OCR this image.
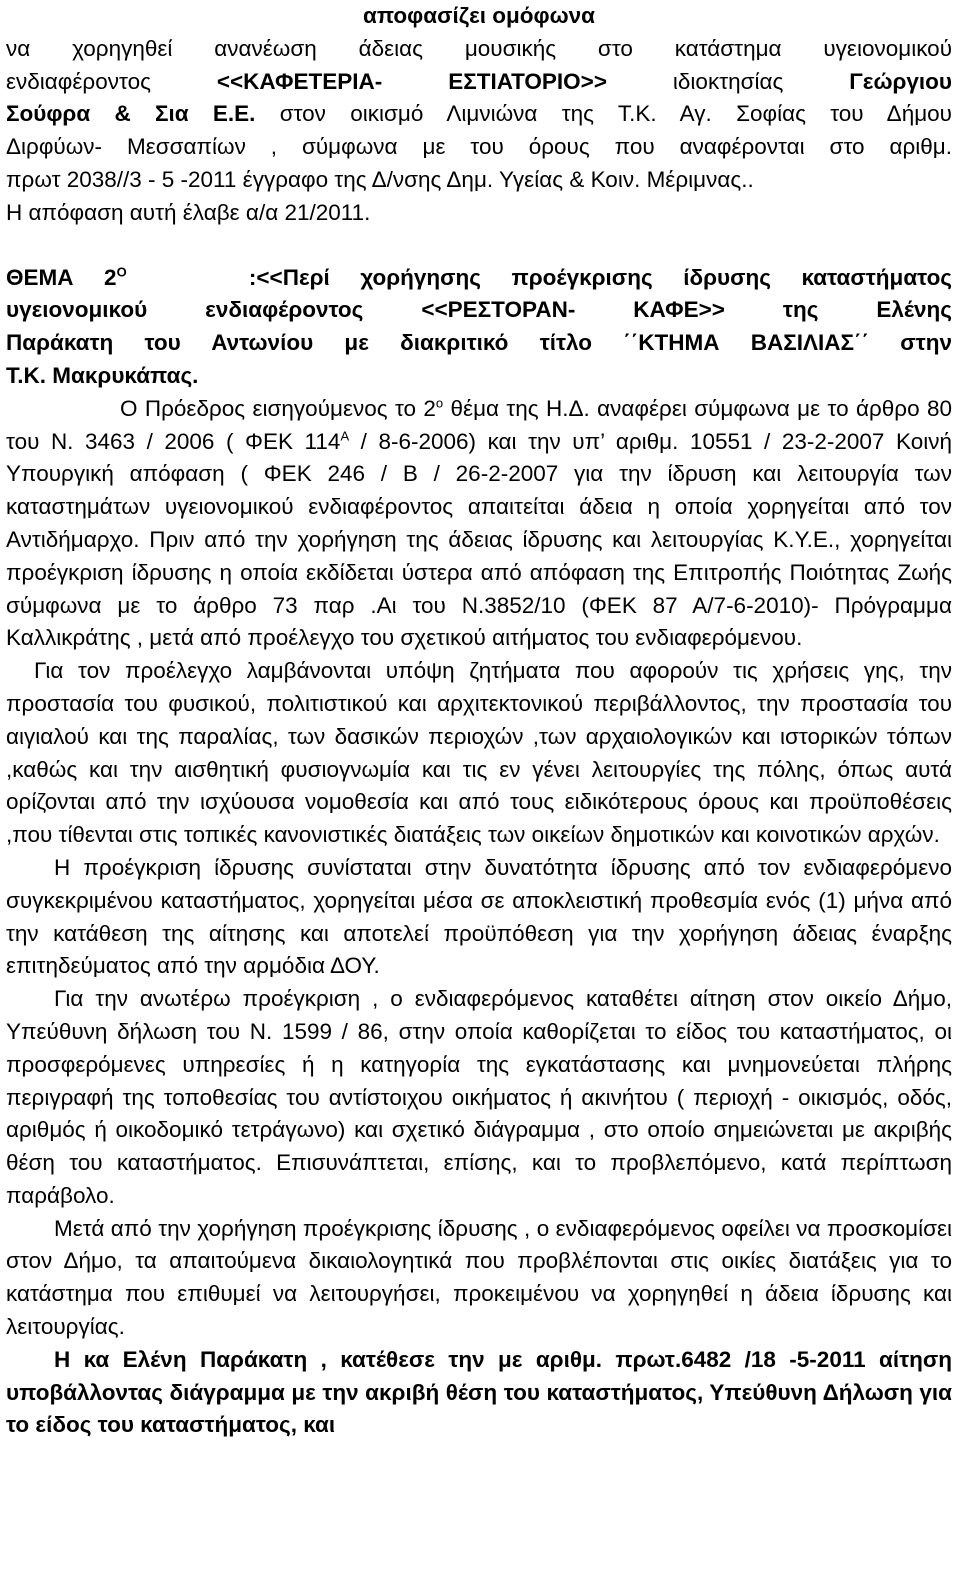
αποφασίζει ομόφωνα
να χορηγηθεί ανανέωση άδειας μουσικής στο κατάστημα υγειονομικού
ενδιαφέροντος <<ΚΑΦΕΤΕΡΙΑ- ΕΣΤΙΑΤΟΡΙΟ>> ιδιοκτησίας Γεώργιου
Σούφρα & Σια Ε.Ε. στον οικισμό Λιμνιώνα της Τ.Κ. Αγ. Σοφίας του Δήμου
Διρφύων- Μεσσαπίων , σύμφωνα με του όρους που αναφέρονται στο αριθμ.
πρωτ 2038//3 - 5 -2011 έγγραφο της Δ/νσης Δημ. Υγείας & Κοιν. Μέριμνας..
Η απόφαση αυτή έλαβε α/α 21/2011.
ΘΕΜΑ $2^O$	:<<Περί χορήγησης προέγκρισης ίδρυσης καταστήματος
υγειονομικού ενδιαφέροντος <<ΡΕΣΤΟΡΑΝ- ΚΑΦΕ>> της Ελένης
Παράκατη του Αντωνίου με διακριτικό τίτλο ΄΄ΚΤΗΜΑ ΒΑΣΙΛΙΑΣ΄΄ στην
Τ.Κ. Μακρυκάπας.

Ο Πρόεδρος εισηγούμενος το $2^o$ θέμα της Η.Δ. αναφέρει σύμφωνα με το άρθρο 80 του Ν. 3463 / 2006 ( ΦΕΚ $114^A / 8-6-2006$) και την υπ’ αριθμ. 10551 / 23-2-2007 Κοινή Υπουργική απόφαση ( ΦΕΚ 246 / Β / 26-2-2007 για την ίδρυση και λειτουργία των καταστημάτων υγειονομικού ενδιαφέροντος απαιτείται άδεια η οποία χορηγείται από τον Αντιδήμαρχο. Πριν από την χορήγηση της άδειας ίδρυσης και λειτουργίας Κ.Υ.Ε., χορηγείται προέγκριση ίδρυσης η οποία εκδίδεται ύστερα από απόφαση της Επιτροπής Ποιότητας Ζωής σύμφωνα με το άρθρο 73 παρ .Αι του Ν.3852/10 (ΦΕΚ 87 Α/7-6-2010)- Πρόγραμμα Καλλικράτης , μετά από προέλεγχο του σχετικού αιτήματος του ενδιαφερόμενου.

Για τον προέλεγχο λαμβάνονται υπόψη ζητήματα που αφορούν τις χρήσεις γης, την προστασία του φυσικού, πολιτιστικού και αρχιτεκτονικού περιβάλλοντος, την προστασία του αιγιαλού και της παραλίας, των δασικών περιοχών ,των αρχαιολογικών και ιστορικών τόπων ,καθώς και την αισθητική φυσιογνωμία και τις εν γένει λειτουργίες της πόλης, όπως αυτά ορίζονται από την ισχύουσα νομοθεσία και από τους ειδικότερους όρους και προϋποθέσεις ,που τίθενται στις τοπικές κανονιστικές διατάξεις των οικείων δημοτικών και κοινοτικών αρχών.

Η προέγκριση ίδρυσης συνίσταται στην δυνατότητα ίδρυσης από τον ενδιαφερόμενο συγκεκριμένου καταστήματος, χορηγείται μέσα σε αποκλειστική προθεσμία ενός (1) μήνα από την κατάθεση της αίτησης και αποτελεί προϋπόθεση για την χορήγηση άδειας έναρξης επιτηδεύματος από την αρμόδια ΔΟΥ.

Για την ανωτέρω προέγκριση , ο ενδιαφερόμενος καταθέτει αίτηση στον οικείο Δήμο, Υπεύθυνη δήλωση του Ν. 1599 / 86, στην οποία καθορίζεται το είδος του καταστήματος, οι προσφερόμενες υπηρεσίες ή η κατηγορία της εγκατάστασης και μνημονεύεται πλήρης περιγραφή της τοποθεσίας του αντίστοιχου οικήματος ή ακινήτου ( περιοχή - οικισμός, οδός, αριθμός ή οικοδομικό τετράγωνο) και σχετικό διάγραμμα , στο οποίο σημειώνεται με ακριβής θέση του καταστήματος. Επισυνάπτεται, επίσης, και το προβλεπόμενο, κατά περίπτωση παράβολο.

Μετά από την χορήγηση προέγκρισης ίδρυσης , ο ενδιαφερόμενος οφείλει να προσκομίσει στον Δήμο, τα απαιτούμενα δικαιολογητικά που προβλέπονται στις οικίες διατάξεις για το κατάστημα που επιθυμεί να λειτουργήσει, προκειμένου να χορηγηθεί η άδεια ίδρυσης και λειτουργίας.

Η κα Ελένη Παράκατη , κατέθεσε την με αριθμ. πρωτ.6482 /18 -5-2011 αίτηση υποβάλλοντας διάγραμμα με την ακριβή θέση του καταστήματος, Υπεύθυνη Δήλωση για το είδος του καταστήματος, και
